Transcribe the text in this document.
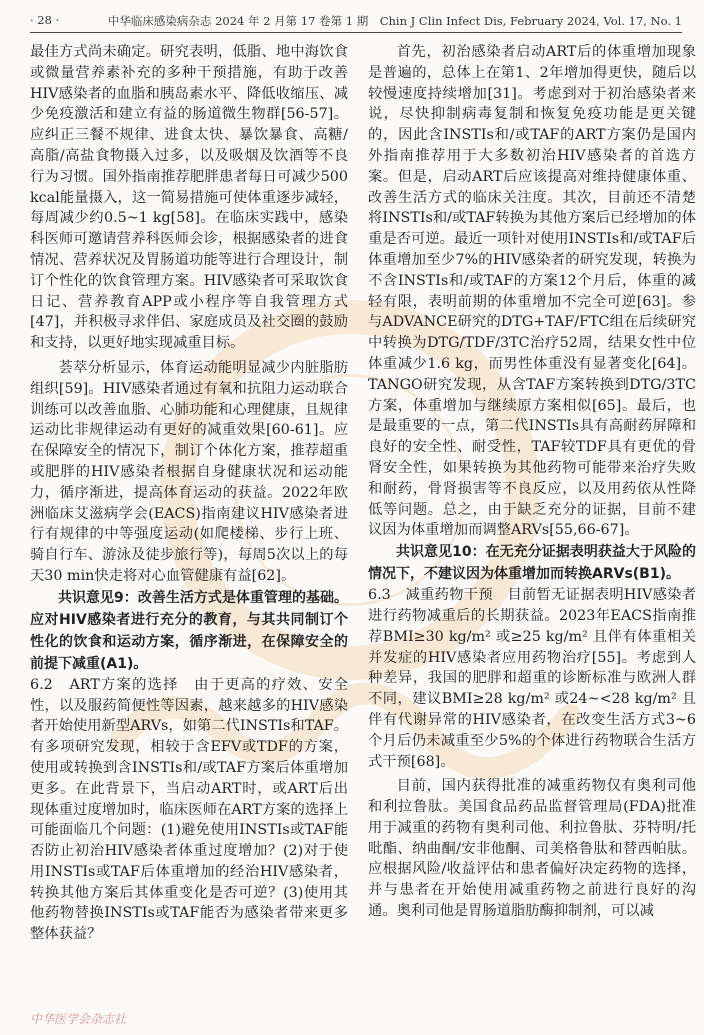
· 28 ·	中华临床感染病杂志 2024 年 2 月第 17 卷第 1 期　Chin J Clin Infect Dis, February 2024, Vol. 17, No. 1

最佳方式尚未确定。研究表明，低脂、地中海饮食或微量营养素补充的多种干预措施，有助于改善HIV感染者的血脂和胰岛素水平、降低收缩压、减少免疫激活和建立有益的肠道微生物群[56-57]。应纠正三餐不规律、进食太快、暴饮暴食、高糖/高脂/高盐食物摄入过多，以及吸烟及饮酒等不良行为习惯。国外指南推荐肥胖患者每日可减少500 kcal能量摄入，这一简易措施可使体重逐步减轻，每周减少约0.5~1 kg[58]。在临床实践中，感染科医师可邀请营养科医师会诊，根据感染者的进食情况、营养状况及胃肠道功能等进行合理设计，制订个性化的饮食管理方案。HIV感染者可采取饮食日记、营养教育APP或小程序等自我管理方式[47]，并积极寻求伴侣、家庭成员及社交圈的鼓励和支持，以更好地实现减重目标。

荟萃分析显示，体育运动能明显减少内脏脂肪组织[59]。HIV感染者通过有氧和抗阻力运动联合训练可以改善血脂、心肺功能和心理健康，且规律运动比非规律运动有更好的减重效果[60-61]。应在保障安全的情况下，制订个体化方案，推荐超重或肥胖的HIV感染者根据自身健康状况和运动能力，循序渐进，提高体育运动的获益。2022年欧洲临床艾滋病学会(EACS)指南建议HIV感染者进行有规律的中等强度运动(如爬楼梯、步行上班、骑自行车、游泳及徒步旅行等)，每周5次以上的每天30 min快走将对心血管健康有益[62]。

共识意见9：改善生活方式是体重管理的基础。应对HIV感染者进行充分的教育，与其共同制订个性化的饮食和运动方案，循序渐进，在保障安全的前提下减重(A1)。

6.2　ART方案的选择　由于更高的疗效、安全性，以及服药简便性等因素，越来越多的HIV感染者开始使用新型ARVs，如第二代INSTIs和TAF。有多项研究发现，相较于含EFV或TDF的方案，使用或转换到含INSTIs和/或TAF方案后体重增加更多。在此背景下，当启动ART时，或ART后出现体重过度增加时，临床医师在ART方案的选择上可能面临几个问题：(1)避免使用INSTIs或TAF能否防止初治HIV感染者体重过度增加？(2)对于使用INSTIs或TAF后体重增加的经治HIV感染者，转换其他方案后其体重变化是否可逆？(3)使用其他药物替换INSTIs或TAF能否为感染者带来更多整体获益？

首先，初治感染者启动ART后的体重增加现象是普遍的，总体上在第1、2年增加得更快，随后以较慢速度持续增加[31]。考虑到对于初治感染者来说，尽快抑制病毒复制和恢复免疫功能是更关键的，因此含INSTIs和/或TAF的ART方案仍是国内外指南推荐用于大多数初治HIV感染者的首选方案。但是，启动ART后应该提高对维持健康体重、改善生活方式的临床关注度。其次，目前还不清楚将INSTIs和/或TAF转换为其他方案后已经增加的体重是否可逆。最近一项针对使用INSTIs和/或TAF后体重增加至少7%的HIV感染者的研究发现，转换为不含INSTIs和/或TAF的方案12个月后，体重的减轻有限，表明前期的体重增加不完全可逆[63]。参与ADVANCE研究的DTG+TAF/FTC组在后续研究中转换为DTG/TDF/3TC治疗52周，结果女性中位体重减少1.6 kg，而男性体重没有显著变化[64]。TANGO研究发现，从含TAF方案转换到DTG/3TC方案，体重增加与继续原方案相似[65]。最后，也是最重要的一点，第二代INSTIs具有高耐药屏障和良好的安全性、耐受性，TAF较TDF具有更优的骨肾安全性，如果转换为其他药物可能带来治疗失败和耐药，骨肾损害等不良反应，以及用药依从性降低等问题。总之，由于缺乏充分的证据，目前不建议因为体重增加而调整ARVs[55,66-67]。

共识意见10：在无充分证据表明获益大于风险的情况下，不建议因为体重增加而转换ARVs(B1)。

6.3　减重药物干预　目前暂无证据表明HIV感染者进行药物减重后的长期获益。2023年EACS指南推荐BMI≥30 kg/m² 或≥25 kg/m² 且伴有体重相关并发症的HIV感染者应用药物治疗[55]。考虑到人种差异，我国的肥胖和超重的诊断标准与欧洲人群不同，建议BMI≥28 kg/m² 或24~<28 kg/m² 且伴有代谢异常的HIV感染者，在改变生活方式3~6个月后仍未减重至少5%的个体进行药物联合生活方式干预[68]。

目前，国内获得批准的减重药物仅有奥利司他和利拉鲁肽。美国食品药品监督管理局(FDA)批准用于减重的药物有奥利司他、利拉鲁肽、芬特明/托吡酯、纳曲酮/安非他酮、司美格鲁肽和替西帕肽。应根据风险/收益评估和患者偏好决定药物的选择，并与患者在开始使用减重药物之前进行良好的沟通。奥利司他是胃肠道脂肪酶抑制剂，可以减

中华医学会杂志社
